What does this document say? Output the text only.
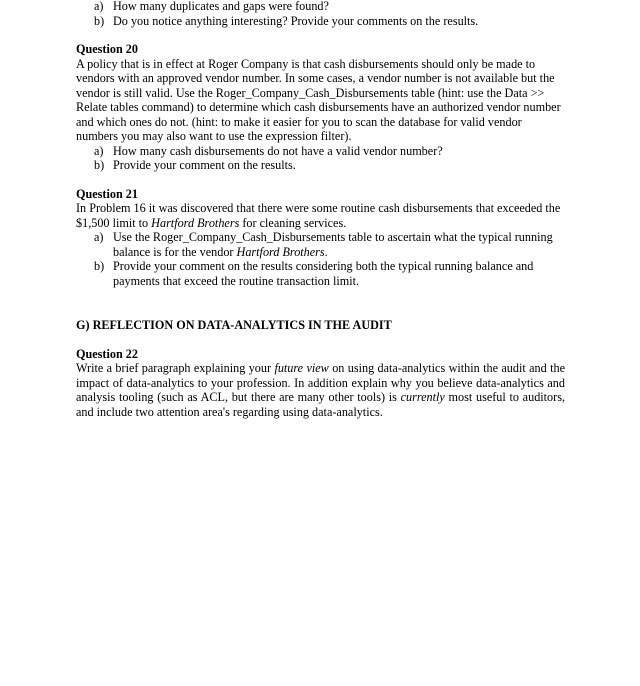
a) How many duplicates and gaps were found?
b) Do you notice anything interesting? Provide your comments on the results.
Question 20
A policy that is in effect at Roger Company is that cash disbursements should only be made to vendors with an approved vendor number. In some cases, a vendor number is not available but the vendor is still valid. Use the Roger_Company_Cash_Disbursements table (hint: use the Data >> Relate tables command) to determine which cash disbursements have an authorized vendor number and which ones do not. (hint: to make it easier for you to scan the database for valid vendor numbers you may also want to use the expression filter).
a) How many cash disbursements do not have a valid vendor number?
b) Provide your comment on the results.
Question 21
In Problem 16 it was discovered that there were some routine cash disbursements that exceeded the $1,500 limit to Hartford Brothers for cleaning services.
a) Use the Roger_Company_Cash_Disbursements table to ascertain what the typical running balance is for the vendor Hartford Brothers.
b) Provide your comment on the results considering both the typical running balance and payments that exceed the routine transaction limit.
G) REFLECTION ON DATA-ANALYTICS IN THE AUDIT
Question 22
Write a brief paragraph explaining your future view on using data-analytics within the audit and the impact of data-analytics to your profession. In addition explain why you believe data-analytics and analysis tooling (such as ACL, but there are many other tools) is currently most useful to auditors, and include two attention area's regarding using data-analytics.
